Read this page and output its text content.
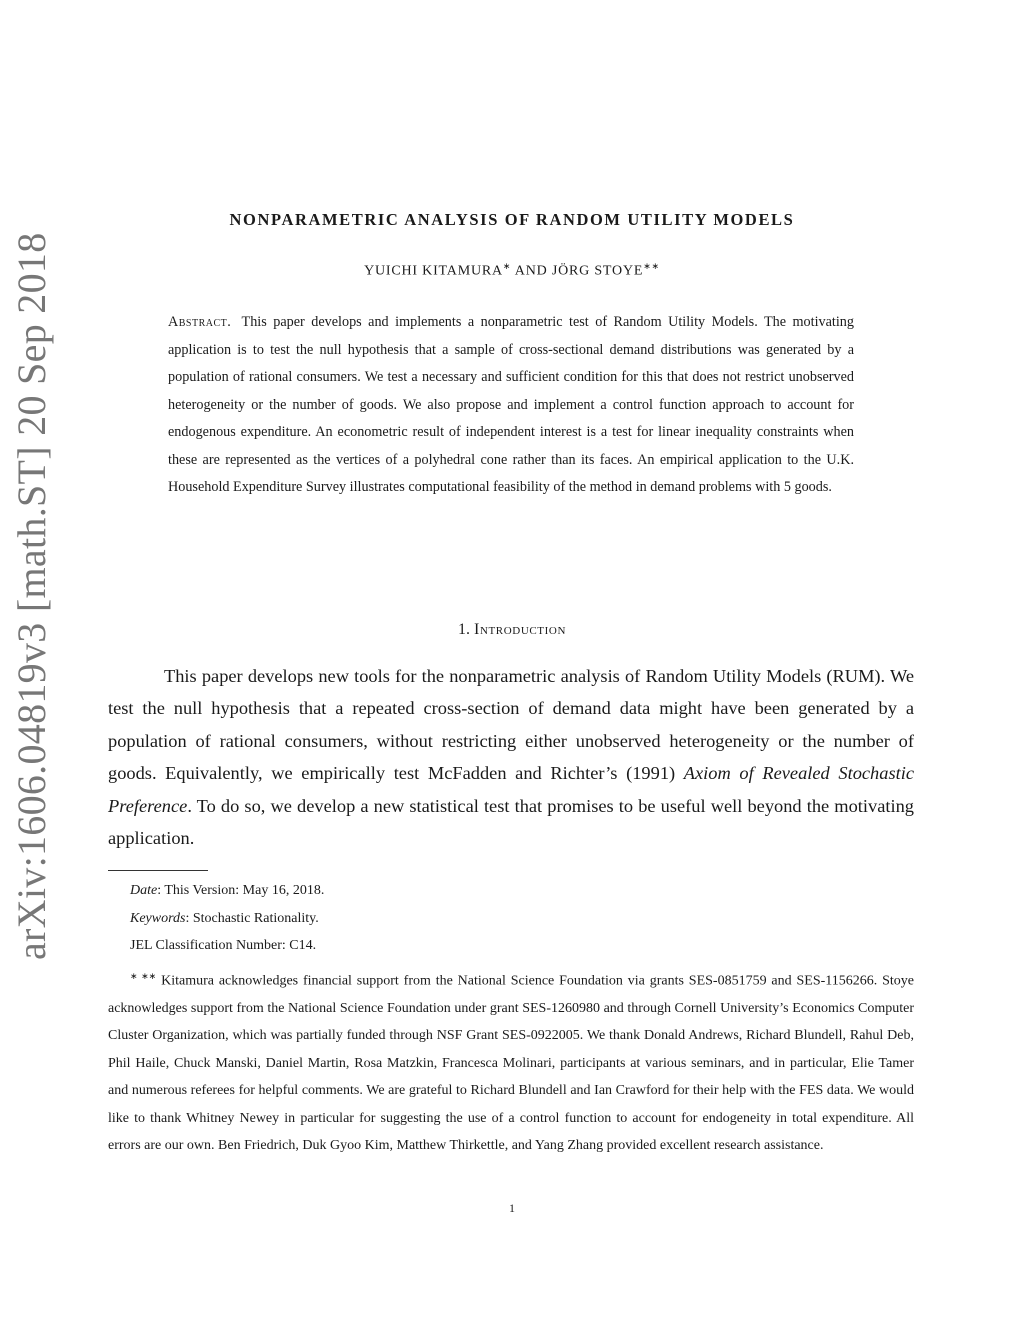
arXiv:1606.04819v3 [math.ST] 20 Sep 2018
NONPARAMETRIC ANALYSIS OF RANDOM UTILITY MODELS
YUICHI KITAMURA∗ AND JÖRG STOYE∗∗
Abstract. This paper develops and implements a nonparametric test of Random Utility Models. The motivating application is to test the null hypothesis that a sample of cross-sectional demand distributions was generated by a population of rational consumers. We test a necessary and sufficient condition for this that does not restrict unobserved heterogeneity or the number of goods. We also propose and implement a control function approach to account for endogenous expenditure. An econometric result of independent interest is a test for linear inequality constraints when these are represented as the vertices of a polyhedral cone rather than its faces. An empirical application to the U.K. Household Expenditure Survey illustrates computational feasibility of the method in demand problems with 5 goods.
1. Introduction

This paper develops new tools for the nonparametric analysis of Random Utility Models (RUM). We test the null hypothesis that a repeated cross-section of demand data might have been generated by a population of rational consumers, without restricting either unobserved heterogeneity or the number of goods. Equivalently, we empirically test McFadden and Richter’s (1991) Axiom of Revealed Stochastic Preference. To do so, we develop a new statistical test that promises to be useful well beyond the motivating application.

Date: This Version: May 16, 2018.
Keywords: Stochastic Rationality.
JEL Classification Number: C14.

∗ ∗∗ Kitamura acknowledges financial support from the National Science Foundation via grants SES-0851759 and SES-1156266. Stoye acknowledges support from the National Science Foundation under grant SES-1260980 and through Cornell University’s Economics Computer Cluster Organization, which was partially funded through NSF Grant SES-0922005. We thank Donald Andrews, Richard Blundell, Rahul Deb, Phil Haile, Chuck Manski, Daniel Martin, Rosa Matzkin, Francesca Molinari, participants at various seminars, and in particular, Elie Tamer and numerous referees for helpful comments. We are grateful to Richard Blundell and Ian Crawford for their help with the FES data. We would like to thank Whitney Newey in particular for suggesting the use of a control function to account for endogeneity in total expenditure. All errors are our own. Ben Friedrich, Duk Gyoo Kim, Matthew Thirkettle, and Yang Zhang provided excellent research assistance.

1
